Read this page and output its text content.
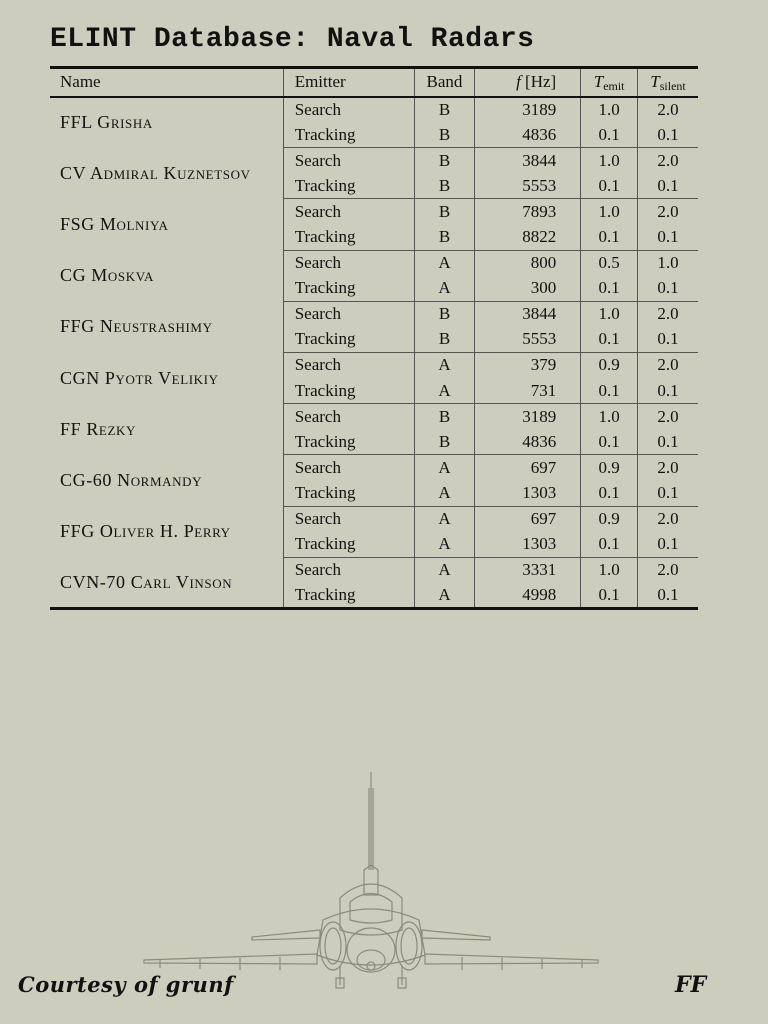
ELINT Database: Naval Radars
Name	Emitter	Band	f [Hz]	Temit	Tsilent
FFL Grisha	Search	B	3189	1.0	2.0
	Tracking	B	4836	0.1	0.1
CV Admiral Kuznetsov	Search	B	3844	1.0	2.0
	Tracking	B	5553	0.1	0.1
FSG Molniya	Search	B	7893	1.0	2.0
	Tracking	B	8822	0.1	0.1
CG Moskva	Search	A	800	0.5	1.0
	Tracking	A	300	0.1	0.1
FFG Neustrashimy	Search	B	3844	1.0	2.0
	Tracking	B	5553	0.1	0.1
CGN Pyotr Velikiy	Search	A	379	0.9	2.0
	Tracking	A	731	0.1	0.1
FF Rezky	Search	B	3189	1.0	2.0
	Tracking	B	4836	0.1	0.1
CG-60 Normandy	Search	A	697	0.9	2.0
	Tracking	A	1303	0.1	0.1
FFG Oliver H. Perry	Search	A	697	0.9	2.0
	Tracking	A	1303	0.1	0.1
CVN-70 Carl Vinson	Search	A	3331	1.0	2.0
	Tracking	A	4998	0.1	0.1
Courtesy of grunf	FF
